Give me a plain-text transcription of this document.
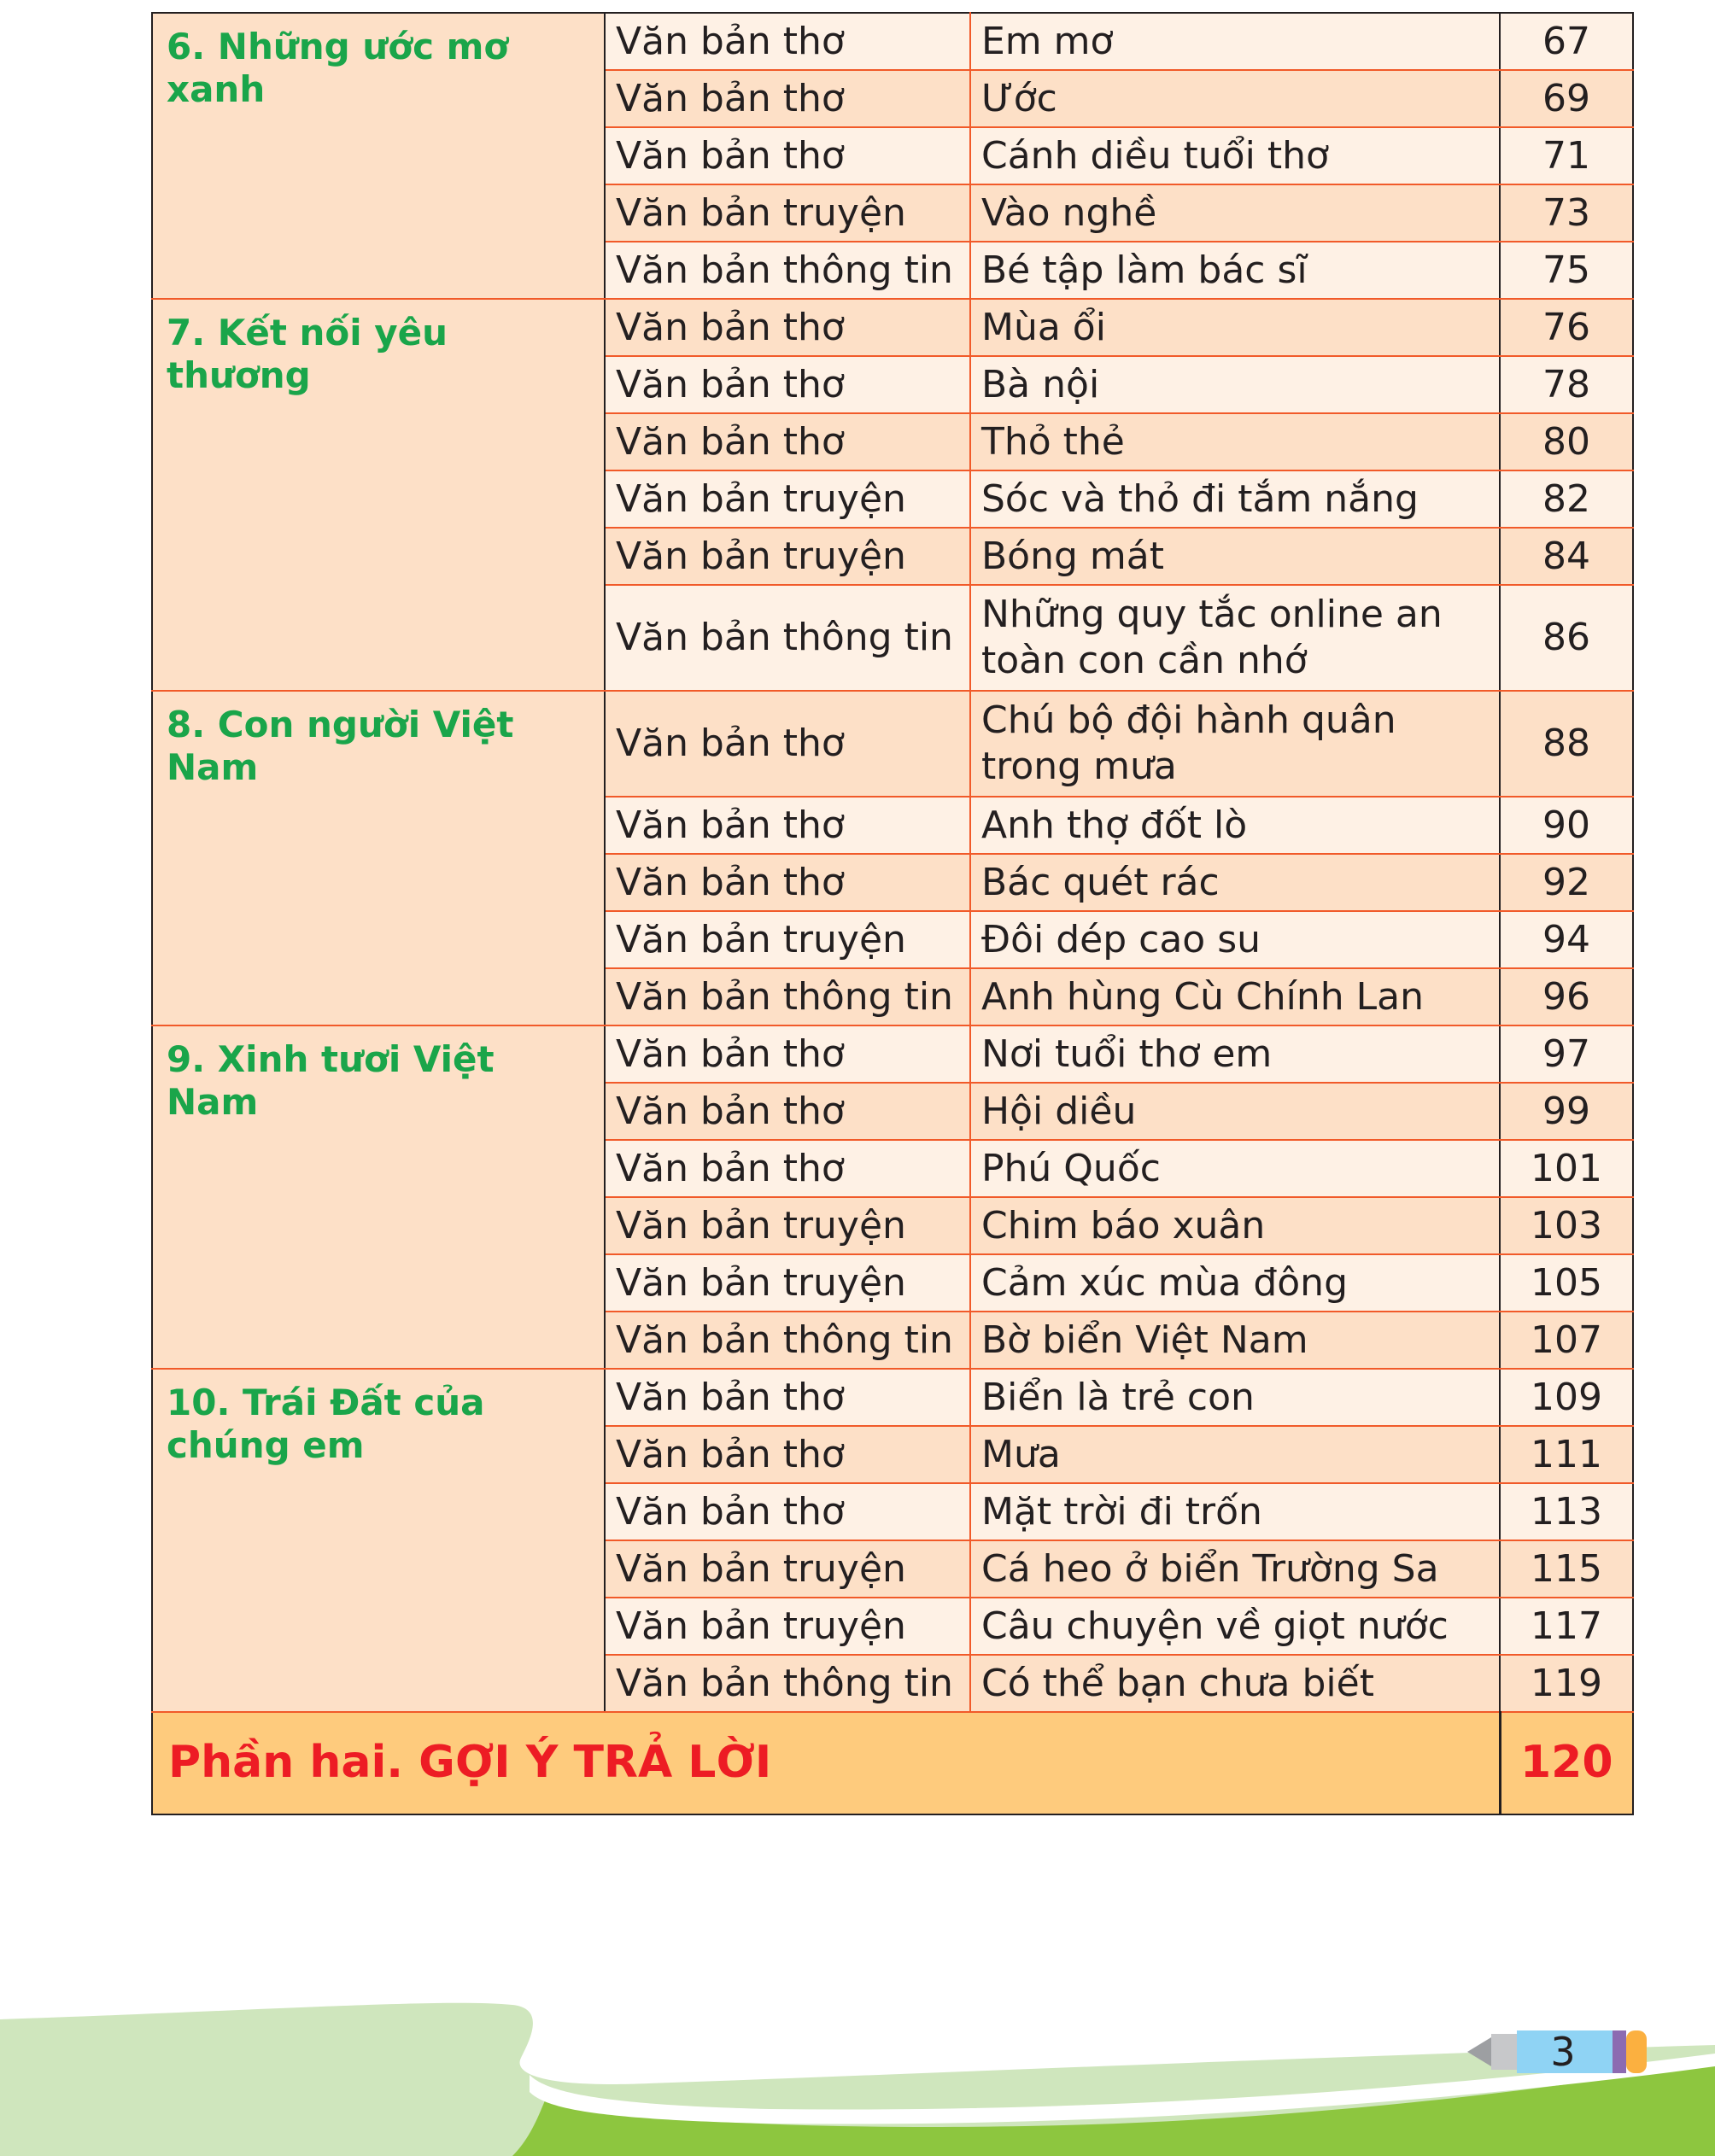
6. Những ước mơ xanh	Văn bản thơ	Em mơ	67
	Văn bản thơ	Ước	69
	Văn bản thơ	Cánh diều tuổi thơ	71
	Văn bản truyện	Vào nghề	73
	Văn bản thông tin	Bé tập làm bác sĩ	75
7. Kết nối yêu thương	Văn bản thơ	Mùa ổi	76
	Văn bản thơ	Bà nội	78
	Văn bản thơ	Thỏ thẻ	80
	Văn bản truyện	Sóc và thỏ đi tắm nắng	82
	Văn bản truyện	Bóng mát	84
	Văn bản thông tin	Những quy tắc online an toàn con cần nhớ	86
8. Con người Việt Nam	Văn bản thơ	Chú bộ đội hành quân trong mưa	88
	Văn bản thơ	Anh thợ đốt lò	90
	Văn bản thơ	Bác quét rác	92
	Văn bản truyện	Đôi dép cao su	94
	Văn bản thông tin	Anh hùng Cù Chính Lan	96
9. Xinh tươi Việt Nam	Văn bản thơ	Nơi tuổi thơ em	97
	Văn bản thơ	Hội diều	99
	Văn bản thơ	Phú Quốc	101
	Văn bản truyện	Chim báo xuân	103
	Văn bản truyện	Cảm xúc mùa đông	105
	Văn bản thông tin	Bờ biển Việt Nam	107
10. Trái Đất của chúng em	Văn bản thơ	Biển là trẻ con	109
	Văn bản thơ	Mưa	111
	Văn bản thơ	Mặt trời đi trốn	113
	Văn bản truyện	Cá heo ở biển Trường Sa	115
	Văn bản truyện	Câu chuyện về giọt nước	117
	Văn bản thông tin	Có thể bạn chưa biết	119
Phần hai. GỢI Ý TRẢ LỜI			120
3
